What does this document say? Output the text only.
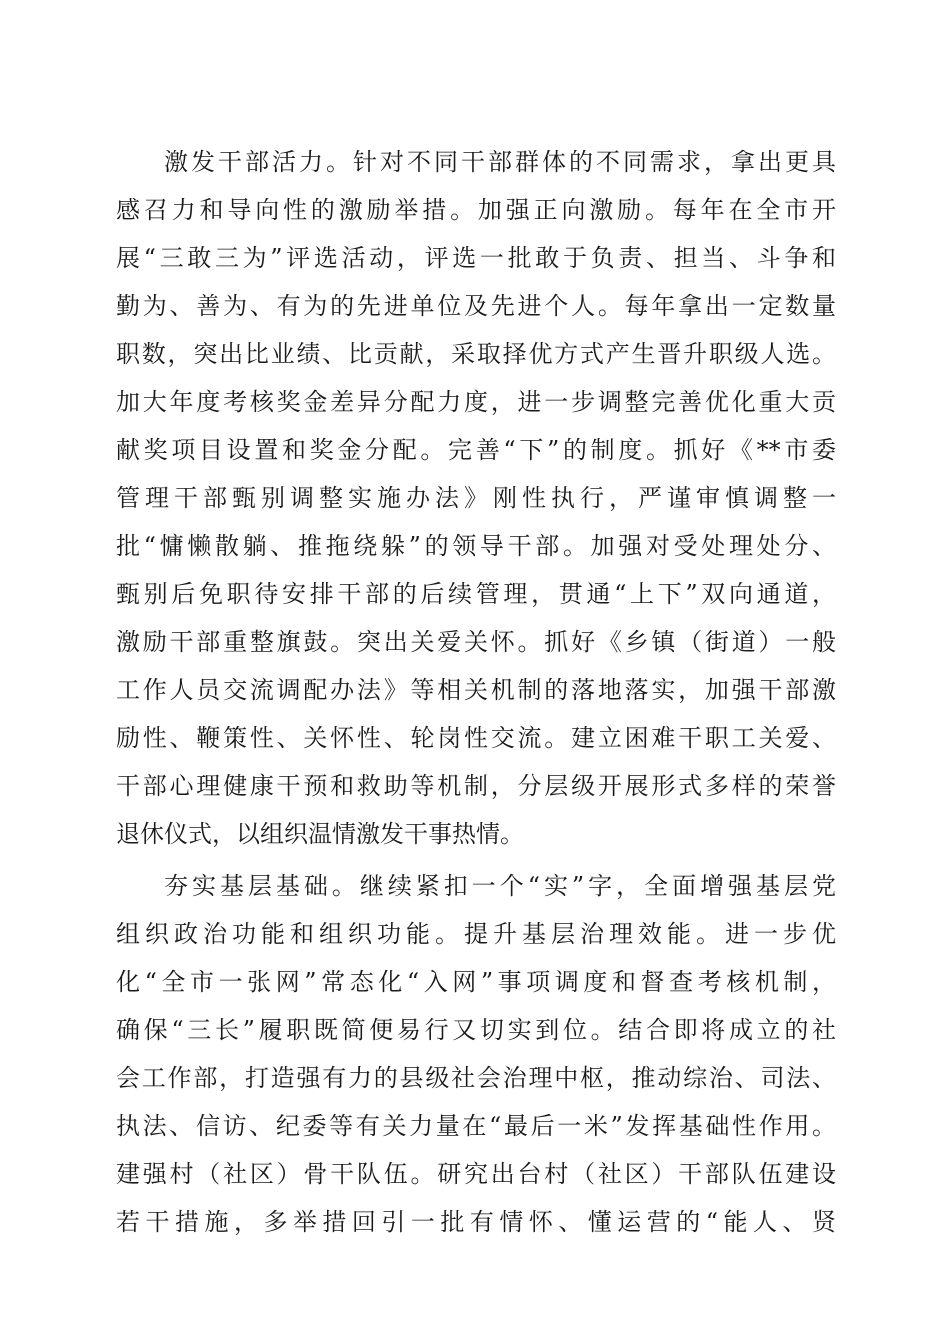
激发干部活力。针对不同干部群体的不同需求，拿出更具

感召力和导向性的激励举措。加强正向激励。每年在全市开

展“三敢三为”评选活动，评选一批敢于负责、担当、斗争和

勤为、善为、有为的先进单位及先进个人。每年拿出一定数量

职数，突出比业绩、比贡献，采取择优方式产生晋升职级人选。

加大年度考核奖金差异分配力度，进一步调整完善优化重大贡

献奖项目设置和奖金分配。完善“下”的制度。抓好《**市委

管理干部甄别调整实施办法》刚性执行，严谨审慎调整一

批“慵懒散躺、推拖绕躲”的领导干部。加强对受处理处分、

甄别后免职待安排干部的后续管理，贯通“上下”双向通道，

激励干部重整旗鼓。突出关爱关怀。抓好《乡镇（街道）一般

工作人员交流调配办法》等相关机制的落地落实，加强干部激

励性、鞭策性、关怀性、轮岗性交流。建立困难干职工关爱、

干部心理健康干预和救助等机制，分层级开展形式多样的荣誉

退休仪式，以组织温情激发干事热情。

夯实基层基础。继续紧扣一个“实”字，全面增强基层党

组织政治功能和组织功能。提升基层治理效能。进一步优

化“全市一张网”常态化“入网”事项调度和督查考核机制，

确保“三长”履职既简便易行又切实到位。结合即将成立的社

会工作部，打造强有力的县级社会治理中枢，推动综治、司法、

执法、信访、纪委等有关力量在“最后一米”发挥基础性作用。

建强村（社区）骨干队伍。研究出台村（社区）干部队伍建设

若干措施，多举措回引一批有情怀、懂运营的“能人、贤
